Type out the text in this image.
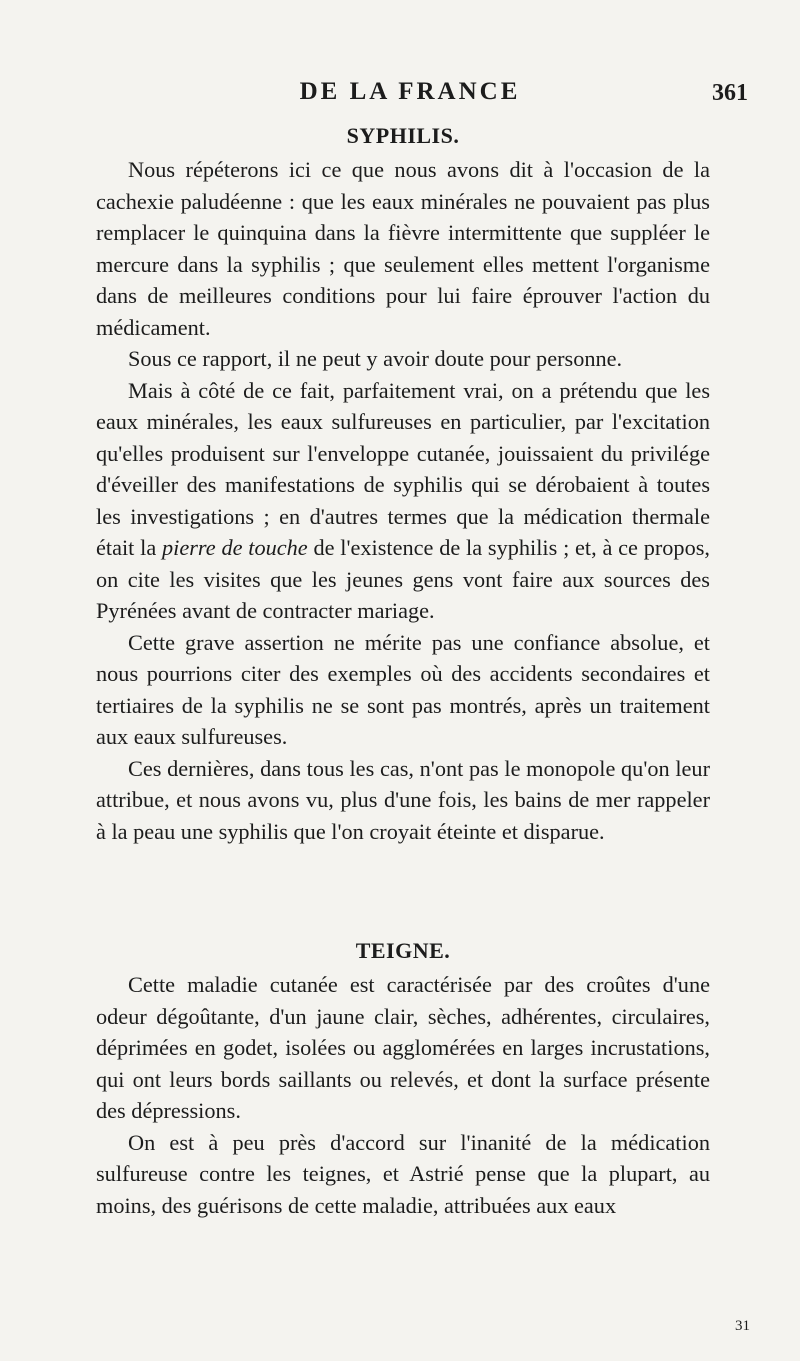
DE LA FRANCE	361
SYPHILIS.

Nous répéterons ici ce que nous avons dit à l'occasion de la cachexie paludéenne : que les eaux minérales ne pouvaient pas plus remplacer le quinquina dans la fièvre intermittente que suppléer le mercure dans la syphilis ; que seulement elles mettent l'organisme dans de meilleures conditions pour lui faire éprouver l'action du médicament.

Sous ce rapport, il ne peut y avoir doute pour personne.

Mais à côté de ce fait, parfaitement vrai, on a prétendu que les eaux minérales, les eaux sulfureuses en particulier, par l'excitation qu'elles produisent sur l'enveloppe cutanée, jouissaient du privilége d'éveiller des manifestations de syphilis qui se dérobaient à toutes les investigations ; en d'autres termes que la médication thermale était la pierre de touche de l'existence de la syphilis ; et, à ce propos, on cite les visites que les jeunes gens vont faire aux sources des Pyrénées avant de contracter mariage.

Cette grave assertion ne mérite pas une confiance absolue, et nous pourrions citer des exemples où des accidents secondaires et tertiaires de la syphilis ne se sont pas montrés, après un traitement aux eaux sulfureuses.

Ces dernières, dans tous les cas, n'ont pas le monopole qu'on leur attribue, et nous avons vu, plus d'une fois, les bains de mer rappeler à la peau une syphilis que l'on croyait éteinte et disparue.

TEIGNE.

Cette maladie cutanée est caractérisée par des croûtes d'une odeur dégoûtante, d'un jaune clair, sèches, adhérentes, circulaires, déprimées en godet, isolées ou agglomérées en larges incrustations, qui ont leurs bords saillants ou relevés, et dont la surface présente des dépressions.

On est à peu près d'accord sur l'inanité de la médication sulfureuse contre les teignes, et Astrié pense que la plupart, au moins, des guérisons de cette maladie, attribuées aux eaux

31
